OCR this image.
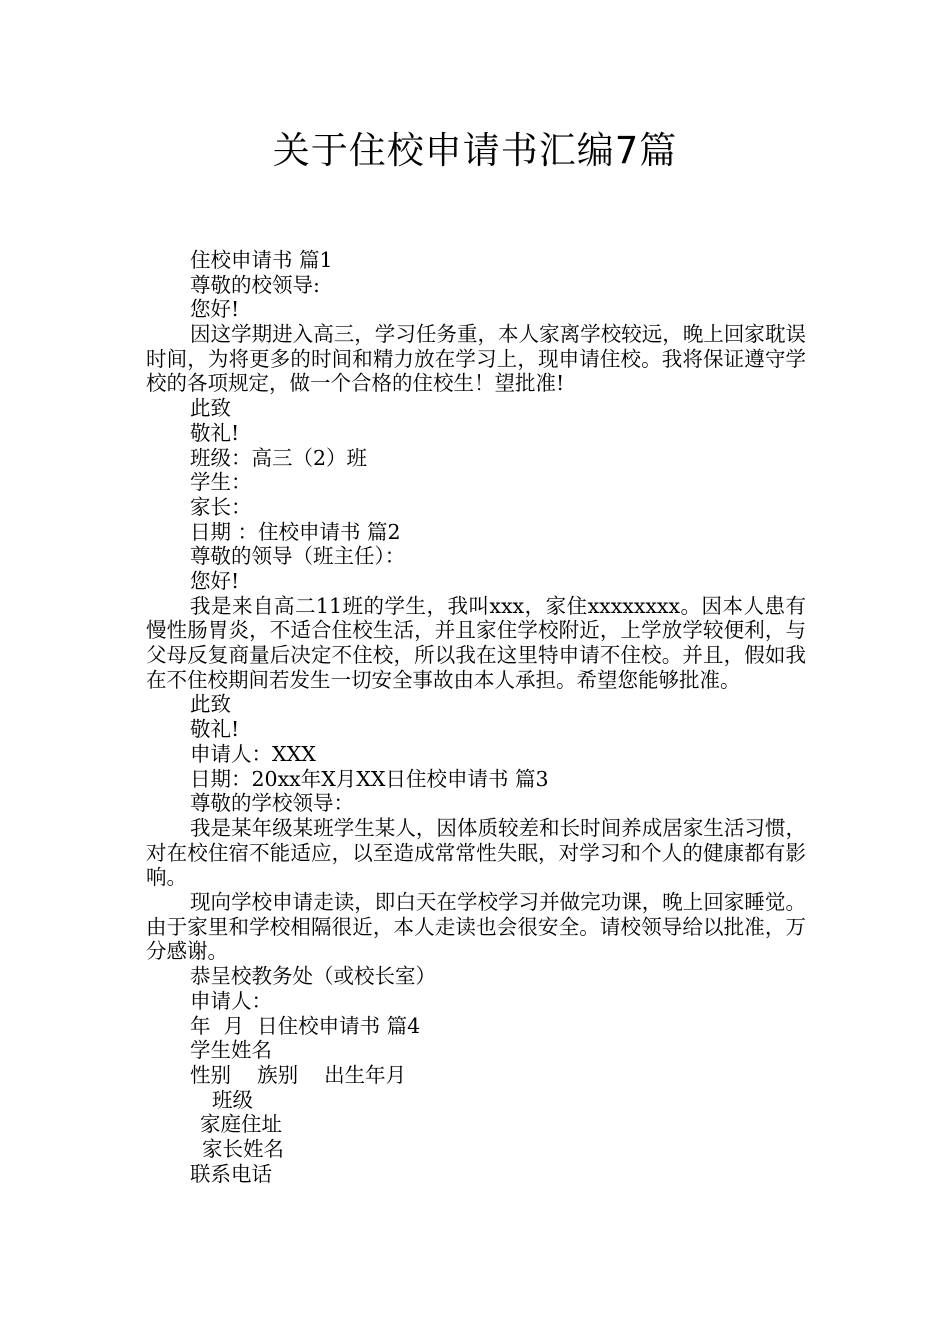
关于住校申请书汇编7篇
住校申请书 篇1
尊敬的校领导:
您好!
因这学期进入高三，学习任务重，本人家离学校较远，晚上回家耽误时间，为将更多的时间和精力放在学习上，现申请住校。我将保证遵守学校的各项规定，做一个合格的住校生！望批准!
此致
敬礼!
班级：高三（2）班
学生：
家长：
日期 ：住校申请书 篇2
尊敬的领导（班主任）：
您好!
我是来自高二11班的学生，我叫xxx，家住xxxxxxxx。因本人患有慢性肠胃炎，不适合住校生活，并且家住学校附近，上学放学较便利，与父母反复商量后决定不住校，所以我在这里特申请不住校。并且，假如我在不住校期间若发生一切安全事故由本人承担。希望您能够批准。
此致
敬礼!
申请人：XXX
日期：20xx年X月XX日住校申请书 篇3
尊敬的学校领导：
我是某年级某班学生某人，因体质较差和长时间养成居家生活习惯，对在校住宿不能适应，以至造成常常性失眠，对学习和个人的健康都有影响。
现向学校申请走读，即白天在学校学习并做完功课，晚上回家睡觉。由于家里和学校相隔很近，本人走读也会很安全。请校领导给以批准，万分感谢。
恭呈校教务处（或校长室）
申请人：
年  月  日住校申请书 篇4
学生姓名
性别    族别    出生年月
班级
家庭住址
家长姓名
联系电话
